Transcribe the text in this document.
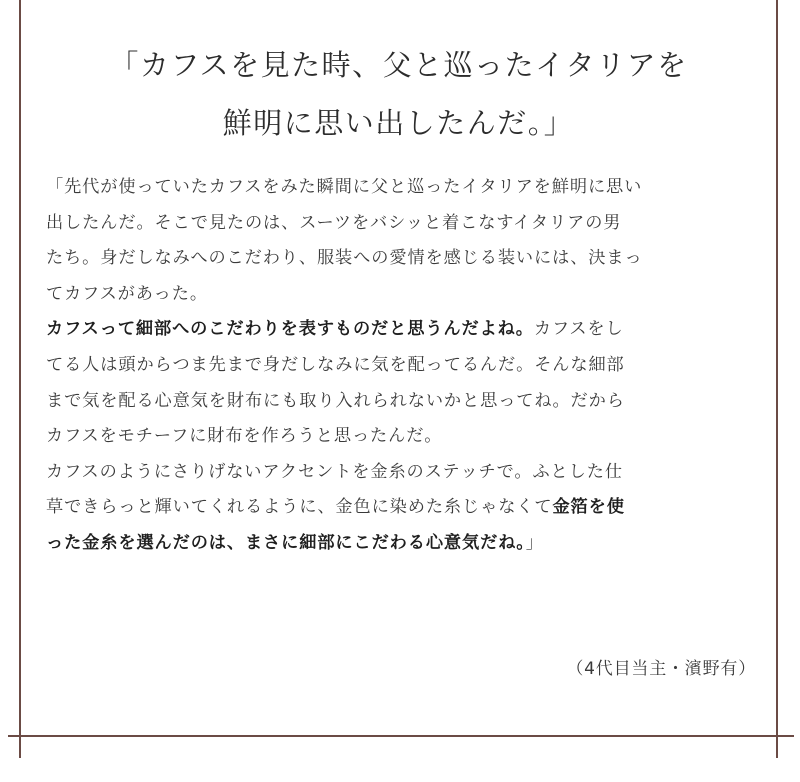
「カフスを見た時、父と巡ったイタリアを
鮮明に思い出したんだ。」
「先代が使っていたカフスをみた瞬間に父と巡ったイタリアを鮮明に思い
出したんだ。そこで見たのは、スーツをバシッと着こなすイタリアの男
たち。身だしなみへのこだわり、服装への愛情を感じる装いには、決まっ
てカフスがあった。
カフスって細部へのこだわりを表すものだと思うんだよね。カフスをし
てる人は頭からつま先まで身だしなみに気を配ってるんだ。そんな細部
まで気を配る心意気を財布にも取り入れられないかと思ってね。だから
カフスをモチーフに財布を作ろうと思ったんだ。
カフスのようにさりげないアクセントを金糸のステッチで。ふとした仕
草できらっと輝いてくれるように、金色に染めた糸じゃなくて金箔を使
った金糸を選んだのは、まさに細部にこだわる心意気だね。」
（4代目当主・濱野有）
